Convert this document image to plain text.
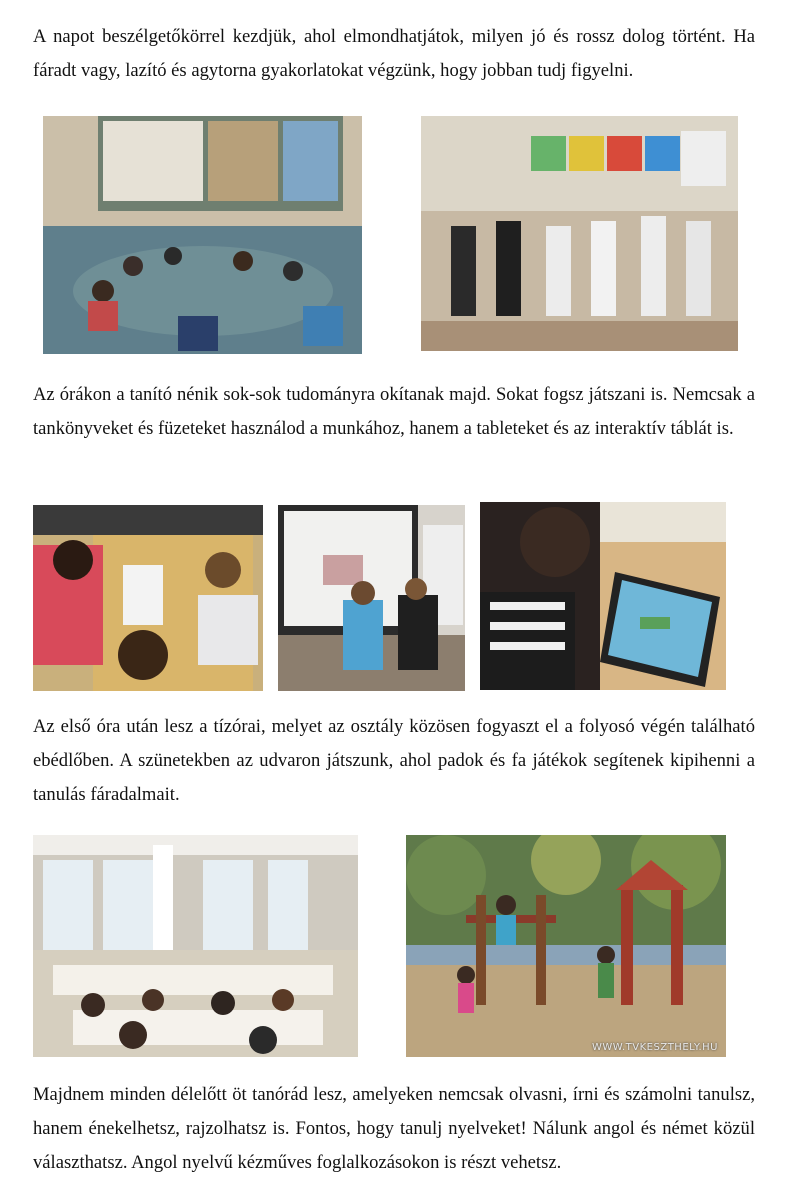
A napot beszélgetőkörrel kezdjük, ahol elmondhatjátok, milyen jó és rossz dolog történt. Ha fáradt vagy, lazító és agytorna gyakorlatokat végzünk, hogy jobban tudj figyelni.

Az órákon a tanító nénik sok-sok tudományra okítanak majd. Sokat fogsz játszani is. Nemcsak a tankönyveket és füzeteket használod a munkához, hanem a tableteket és az interaktív táblát is.

Az első óra után lesz a tízórai, melyet az osztály közösen fogyaszt el a folyosó végén található ebédlőben. A szünetekben az udvaron játszunk, ahol padok és fa játékok segítenek kipihenni a tanulás fáradalmait.

WWW.TVKESZTHELY.HU

Majdnem minden délelőtt öt tanórád lesz, amelyeken nemcsak olvasni, írni és számolni tanulsz, hanem énekelhetsz, rajzolhatsz is. Fontos, hogy tanulj nyelveket! Nálunk angol és német közül választhatsz. Angol nyelvű kézműves foglalkozásokon is részt vehetsz.
